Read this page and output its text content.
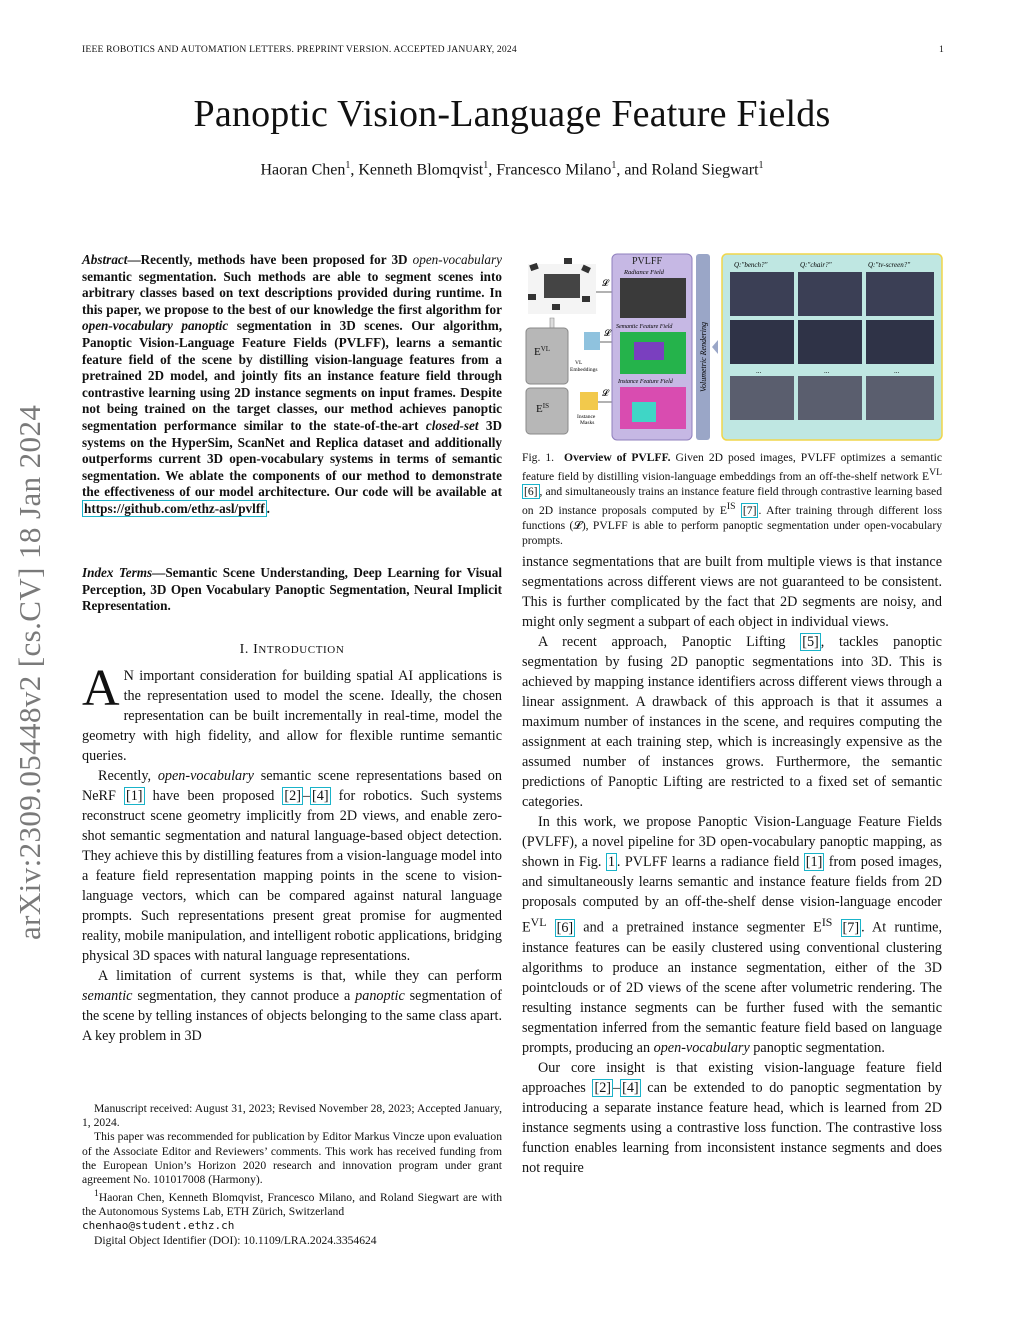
IEEE ROBOTICS AND AUTOMATION LETTERS. PREPRINT VERSION. ACCEPTED JANUARY, 2024	1
Panoptic Vision-Language Feature Fields
Haoran Chen$^1$, Kenneth Blomqvist$^1$, Francesco Milano$^1$, and Roland Siegwart$^1$
arXiv:2309.05448v2 [cs.CV] 18 Jan 2024
Abstract—Recently, methods have been proposed for 3D open-vocabulary semantic segmentation. Such methods are able to segment scenes into arbitrary classes based on text descriptions provided during runtime. In this paper, we propose to the best of our knowledge the first algorithm for open-vocabulary panoptic segmentation in 3D scenes. Our algorithm, Panoptic Vision-Language Feature Fields (PVLFF), learns a semantic feature field of the scene by distilling vision-language features from a pretrained 2D model, and jointly fits an instance feature field through contrastive learning using 2D instance segments on input frames. Despite not being trained on the target classes, our method achieves panoptic segmentation performance similar to the state-of-the-art closed-set 3D systems on the HyperSim, ScanNet and Replica dataset and additionally outperforms current 3D open-vocabulary systems in terms of semantic segmentation. We ablate the components of our method to demonstrate the effectiveness of our model architecture. Our code will be available at https://github.com/ethz-asl/pvlff .
Index Terms—Semantic Scene Understanding, Deep Learning for Visual Perception, 3D Open Vocabulary Panoptic Segmentation, Neural Implicit Representation.
I. INTRODUCTION

A N important consideration for building spatial AI applications is the representation used to model the scene. Ideally, the chosen representation can be built incrementally in real-time, model the geometry with high fidelity, and allow for flexible runtime semantic queries.

Recently, open-vocabulary semantic scene representations based on NeRF [1] have been proposed [2] – [4] for robotics. Such systems reconstruct scene geometry implicitly from 2D views, and enable zero-shot semantic segmentation and natural language-based object detection. They achieve this by distilling features from a vision-language model into a feature field representation mapping points in the scene to vision-language vectors, which can be compared against natural language prompts. Such representations present great promise for augmented reality, mobile manipulation, and intelligent robotic applications, bridging physical 3D spaces with natural language representations.

A limitation of current systems is that, while they can perform semantic segmentation, they cannot produce a panoptic segmentation of the scene by telling instances of objects belonging to the same class apart. A key problem in 3D

Manuscript received: August 31, 2023; Revised November 28, 2023; Accepted January, 1, 2024.

This paper was recommended for publication by Editor Markus Vincze upon evaluation of the Associate Editor and Reviewers’ comments. This work has received funding from the European Union’s Horizon 2020 research and innovation program under grant agreement No. 101017008 (Harmony).

$^1$Haoran Chen, Kenneth Blomqvist, Francesco Milano, and Roland Siegwart are with the Autonomous Systems Lab, ETH Zürich, Switzerland
chenhao@student.ethz.ch

Digital Object Identifier (DOI): 10.1109/LRA.2024.3354624

$E^{VL}$
$E^{IS}$
VL
Embeddings
Instance
Masks
𝓛
𝓛
𝓛
PVLFF
Radiance Field
Semantic Feature Field
Instance Feature Field	Volumetric Rendering
Q:"bench?"	Q:"chair?"	Q:"tv-screen?"
...	...	...
Fig. 1. Overview of PVLFF. Given 2D posed images, PVLFF optimizes a semantic feature field by distilling vision-language embeddings from an off-the-shelf network $E^{VL}$ [6] , and simultaneously trains an instance feature field through contrastive learning based on 2D instance proposals computed by $E^{IS}$ [7] . After training through different loss functions (𝓛), PVLFF is able to perform panoptic segmentation under open-vocabulary prompts.

instance segmentations that are built from multiple views is that instance segmentations across different views are not guaranteed to be consistent. This is further complicated by the fact that 2D segments are noisy, and might only segment a subpart of each object in individual views.

A recent approach, Panoptic Lifting [5] , tackles panoptic segmentation by fusing 2D panoptic segmentations into 3D. This is achieved by mapping instance identifiers across different views through a linear assignment. A drawback of this approach is that it assumes a maximum number of instances in the scene, and requires computing the assignment at each training step, which is increasingly expensive as the assumed number of instances grows. Furthermore, the semantic predictions of Panoptic Lifting are restricted to a fixed set of semantic categories.

In this work, we propose Panoptic Vision-Language Feature Fields (PVLFF), a novel pipeline for 3D open-vocabulary panoptic mapping, as shown in Fig. 1 . PVLFF learns a radiance field [1] from posed images, and simultaneously learns semantic and instance feature fields from 2D proposals computed by an off-the-shelf dense vision-language encoder $E^{VL}$ [6] and a pretrained instance segmenter $E^{IS}$ [7] . At runtime, instance features can be easily clustered using conventional clustering algorithms to produce an instance segmentation, either of the 3D pointclouds or of 2D views of the scene after volumetric rendering. The resulting instance segments can be further fused with the semantic segmentation inferred from the semantic feature field based on language prompts, producing an open-vocabulary panoptic segmentation.

Our core insight is that existing vision-language feature field approaches [2] – [4] can be extended to do panoptic segmentation by introducing a separate instance feature head, which is learned from 2D instance segments using a contrastive loss function. The contrastive loss function enables learning from inconsistent instance segments and does not require
